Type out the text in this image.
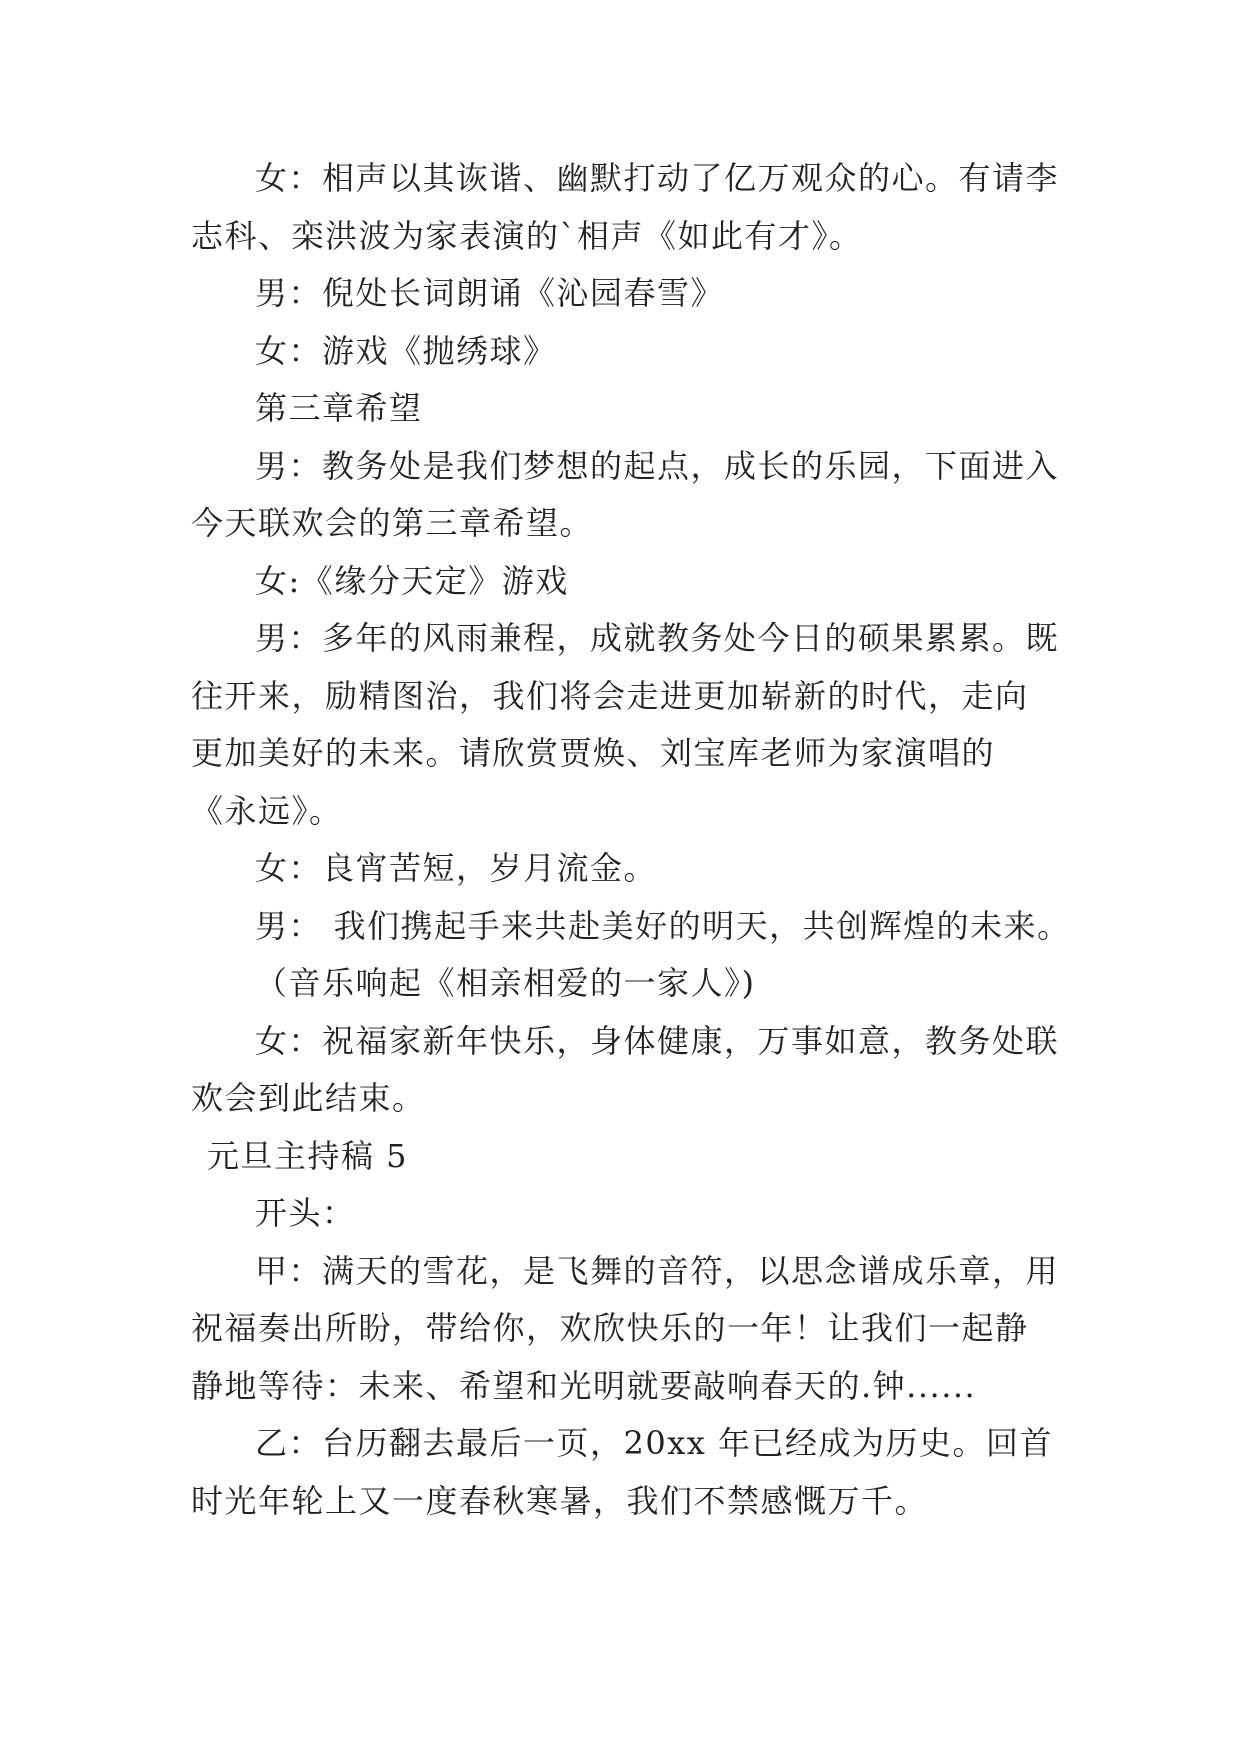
女：相声以其诙谐、幽默打动了亿万观众的心。有请李志科、栾洪波为家表演的`相声《如此有才》。

男：倪处长词朗诵《沁园春雪》

女：游戏《抛绣球》

第三章希望

男：教务处是我们梦想的起点，成长的乐园，下面进入今天联欢会的第三章希望。

女:《缘分天定》游戏

男：多年的风雨兼程，成就教务处今日的硕果累累。既往开来，励精图治，我们将会走进更加崭新的时代，走向更加美好的未来。请欣赏贾焕、刘宝库老师为家演唱的《永远》。

女：良宵苦短，岁月流金。

男： 我们携起手来共赴美好的明天，共创辉煌的未来。

（音乐响起《相亲相爱的一家人》)

女：祝福家新年快乐，身体健康，万事如意，教务处联欢会到此结束。

元旦主持稿 5

开头：

甲：满天的雪花，是飞舞的音符，以思念谱成乐章，用祝福奏出所盼，带给你，欢欣快乐的一年！让我们一起静静地等待：未来、希望和光明就要敲响春天的.钟......

乙：台历翻去最后一页，20xx 年已经成为历史。回首时光年轮上又一度春秋寒暑，我们不禁感慨万千。
